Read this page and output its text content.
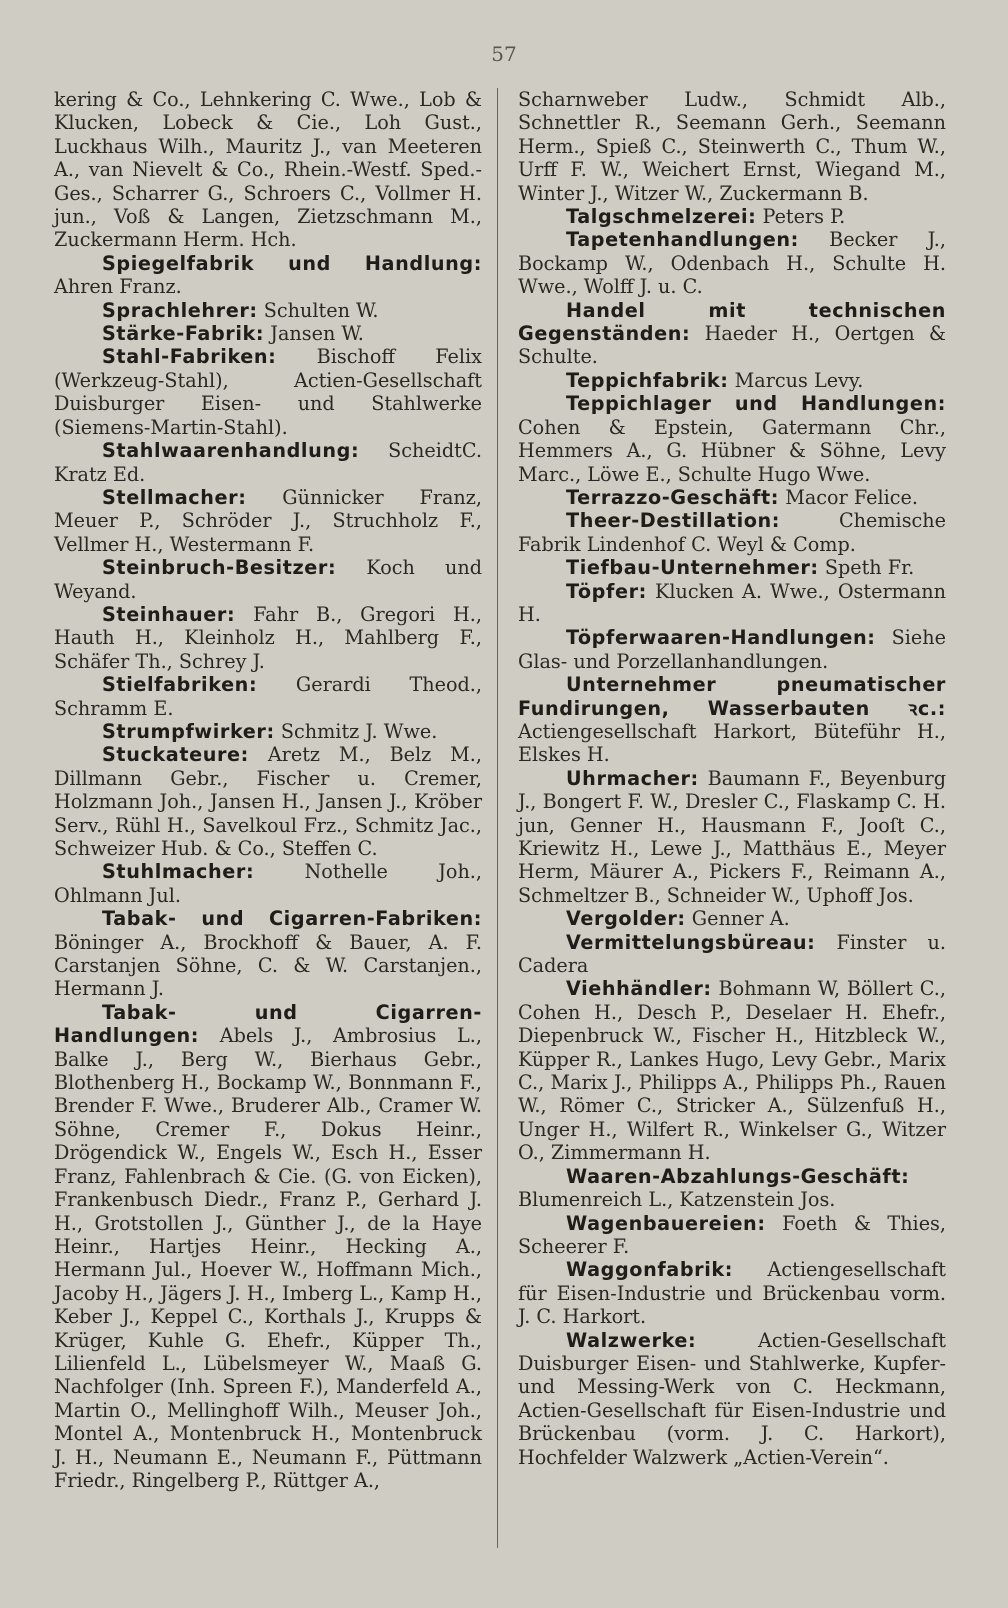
57
kering & Co., Lehnkering C. Wwe., Lob & Klucken, Lobeck & Cie., Loh Gust., Luckhaus Wilh., Mauritz J., van Meeteren A., van Nievelt & Co., Rhein.-Westf. Sped.-Ges., Scharrer G., Schroers C., Vollmer H. jun., Voß & Langen, Zietzschmann M., Zuckermann Herm. Hch.
Spiegelfabrik und Handlung: Ahren Franz.
Sprachlehrer: Schulten W.
Stärke-Fabrik: Jansen W.
Stahl-Fabriken: Bischoff Felix (Werkzeug-Stahl), Actien-Gesellschaft Duisburger Eisen- und Stahlwerke (Siemens-Martin-Stahl).
Stahlwaarenhandlung: ScheidtC. Kratz Ed.
Stellmacher: Günnicker Franz, Meuer P., Schröder J., Struchholz F., Vellmer H., Westermann F.
Steinbruch-Besitzer: Koch und Weyand.
Steinhauer: Fahr B., Gregori H., Hauth H., Kleinholz H., Mahlberg F., Schäfer Th., Schrey J.
Stielfabriken: Gerardi Theod., Schramm E.
Strumpfwirker: Schmitz J. Wwe.
Stuckateure: Aretz M., Belz M., Dillmann Gebr., Fischer u. Cremer, Holzmann Joh., Jansen H., Jansen J., Kröber Serv., Rühl H., Savelkoul Frz., Schmitz Jac., Schweizer Hub. & Co., Steffen C.
Stuhlmacher:	Nothelle Joh., Ohlmann Jul.
Tabak- und Cigarren-Fabriken: Böninger A., Brockhoff & Bauer, A. F. Carstanjen Söhne, C. & W. Carstanjen., Hermann J.
Tabak- und Cigarren-Handlungen: Abels J., Ambrosius L., Balke J., Berg W., Bierhaus Gebr., Blothenberg H., Bockamp W., Bonnmann F., Brender F. Wwe., Bruderer Alb., Cramer W. Söhne, Cremer F., Dokus Heinr., Drögendick W., Engels W., Esch H., Esser Franz, Fahlenbrach & Cie. (G. von Eicken), Frankenbusch Diedr., Franz P., Gerhard J. H., Grotstollen J., Günther J., de la Haye Heinr., Hartjes Heinr., Hecking A., Hermann Jul., Hoever W., Hoffmann Mich., Jacoby H., Jägers J. H., Imberg L., Kamp H., Keber J., Keppel C., Korthals J., Krupps & Krüger, Kuhle G. Ehefr., Küpper Th., Lilienfeld L., Lübelsmeyer W., Maaß G. Nachfolger (Inh. Spreen F.), Manderfeld A., Martin O., Mellinghoff Wilh., Meuser Joh., Montel A., Montenbruck H., Montenbruck J. H., Neumann E., Neumann F., Püttmann Friedr., Ringelberg P., Rüttger A.,
Scharnweber Ludw., Schmidt Alb., Schnettler R., Seemann Gerh., Seemann Herm., Spieß C., Steinwerth C., Thum W., Urff F. W., Weichert Ernst, Wiegand M., Winter J., Witzer W., Zuckermann B.
Talgschmelzerei: Peters P.
Tapetenhandlungen: Becker J., Bockamp W., Odenbach H., Schulte H. Wwe., Wolff J. u. C.
Handel mit technischen Gegenständen: Haeder H., Oertgen & Schulte.
Teppichfabrik: Marcus Levy.
Teppichlager und Handlungen: Cohen & Epstein, Gatermann Chr., Hemmers A., G. Hübner & Söhne, Levy Marc., Löwe E., Schulte Hugo Wwe.
Terrazzo-Geschäft: Macor Felice.
Theer-Destillation:	Chemische Fabrik Lindenhof C. Weyl & Comp.
Tiefbau-Unternehmer: Speth Fr.
Töpfer: Klucken A. Wwe., Ostermann H.
Töpferwaaren-Handlungen: Siehe Glas- und Porzellanhandlungen.
Unternehmer pneumatischer Fundirungen, Wasserbauten ꝛc.: Actiengesellschaft Harkort, Büteführ H., Elskes H.
Uhrmacher: Baumann F., Beyenburg J., Bongert F. W., Dresler C., Flaskamp C. H. jun, Genner H., Hausmann F., Jooſt C., Kriewitz H., Lewe J., Matthäus E., Meyer Herm, Mäurer A., Pickers F., Reimann A., Schmeltzer B., Schneider W., Uphoff Jos.
Vergolder: Genner A.
Vermittelungsbüreau: Finster u. Cadera
Viehhändler: Bohmann W, Böllert C., Cohen H., Desch P., Deselaer H. Ehefr., Diepenbruck W., Fischer H., Hitzbleck W., Küpper R., Lankes Hugo, Levy Gebr., Marix C., Marix J., Philipps A., Philipps Ph., Rauen W., Römer C., Stricker A., Sülzenfuß H., Unger H., Wilfert R., Winkelser G., Witzer O., Zimmermann H.
Waaren-Abzahlungs-Geschäft: Blumenreich L., Katzenstein Jos.
Wagenbauereien: Foeth & Thies, Scheerer F.
Waggonfabrik: Actiengesellschaft für Eisen-Industrie und Brückenbau vorm. J. C. Harkort.
Walzwerke:	Actien-Gesellschaft Duisburger Eisen- und Stahlwerke, Kupfer- und Messing-Werk von C. Heckmann, Actien-Gesellschaft für Eisen-Industrie und Brückenbau (vorm. J. C. Harkort), Hochfelder Walzwerk „Actien-Verein“.
